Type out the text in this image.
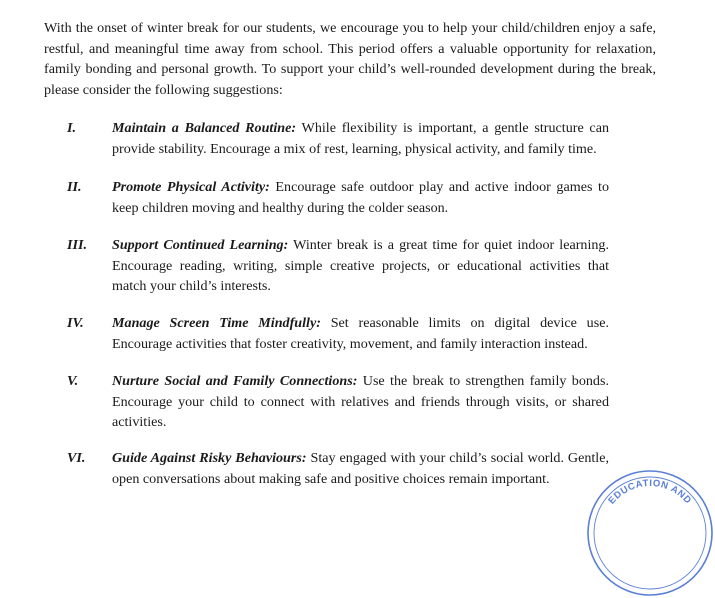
With the onset of winter break for our students, we encourage you to help your child/children enjoy a safe, restful, and meaningful time away from school. This period offers a valuable opportunity for relaxation, family bonding and personal growth. To support your child’s well-rounded development during the break, please consider the following suggestions:

I.	Maintain a Balanced Routine: While flexibility is important, a gentle structure can provide stability. Encourage a mix of rest, learning, physical activity, and family time.

II. Promote Physical Activity: Encourage safe outdoor play and active indoor games to keep children moving and healthy during the colder season.

III. Support Continued Learning: Winter break is a great time for quiet indoor learning. Encourage reading, writing, simple creative projects, or educational activities that match your child’s interests.

IV. Manage Screen Time Mindfully: Set reasonable limits on digital device use. Encourage activities that foster creativity, movement, and family interaction instead.

V. Nurture Social and Family Connections: Use the break to strengthen family bonds. Encourage your child to connect with relatives and friends through visits, or shared activities.

VI. Guide Against Risky Behaviours: Stay engaged with your child’s social world. Gentle, open conversations about making safe and positive choices remain important.

EDUCATION AND
